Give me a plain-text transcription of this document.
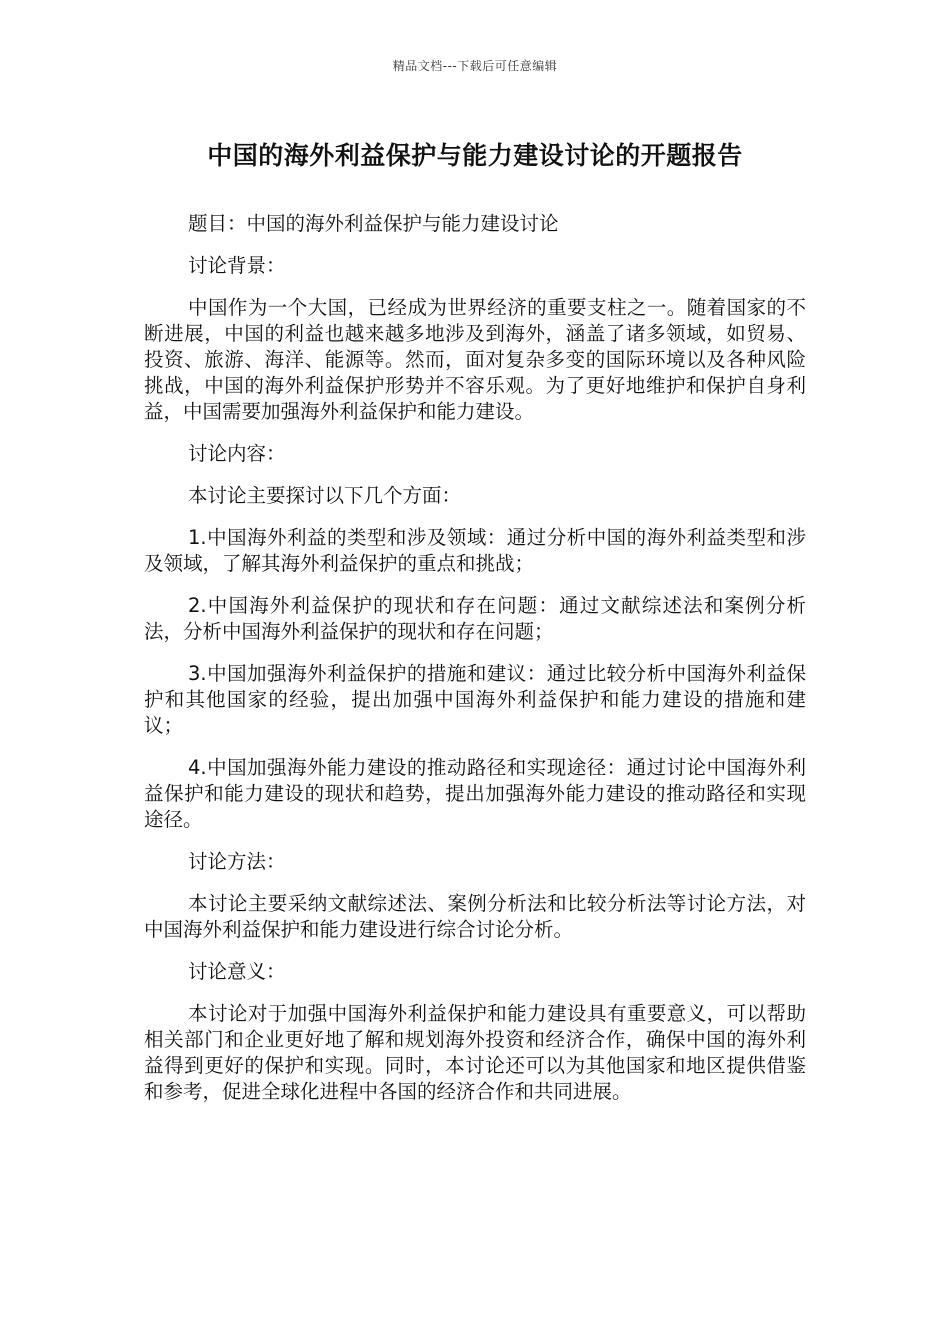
精品文档---下载后可任意编辑
中国的海外利益保护与能力建设讨论的开题报告

题目：中国的海外利益保护与能力建设讨论

讨论背景：

中国作为一个大国，已经成为世界经济的重要支柱之一。随着国家的不断进展，中国的利益也越来越多地涉及到海外，涵盖了诸多领域，如贸易、投资、旅游、海洋、能源等。然而，面对复杂多变的国际环境以及各种风险挑战，中国的海外利益保护形势并不容乐观。为了更好地维护和保护自身利益，中国需要加强海外利益保护和能力建设。

讨论内容：

本讨论主要探讨以下几个方面：

1.中国海外利益的类型和涉及领域：通过分析中国的海外利益类型和涉及领域，了解其海外利益保护的重点和挑战；

2.中国海外利益保护的现状和存在问题：通过文献综述法和案例分析法，分析中国海外利益保护的现状和存在问题；

3.中国加强海外利益保护的措施和建议：通过比较分析中国海外利益保护和其他国家的经验，提出加强中国海外利益保护和能力建设的措施和建议；

4.中国加强海外能力建设的推动路径和实现途径：通过讨论中国海外利益保护和能力建设的现状和趋势，提出加强海外能力建设的推动路径和实现途径。

讨论方法：

本讨论主要采纳文献综述法、案例分析法和比较分析法等讨论方法，对中国海外利益保护和能力建设进行综合讨论分析。

讨论意义：

本讨论对于加强中国海外利益保护和能力建设具有重要意义，可以帮助相关部门和企业更好地了解和规划海外投资和经济合作，确保中国的海外利益得到更好的保护和实现。同时，本讨论还可以为其他国家和地区提供借鉴和参考，促进全球化进程中各国的经济合作和共同进展。
